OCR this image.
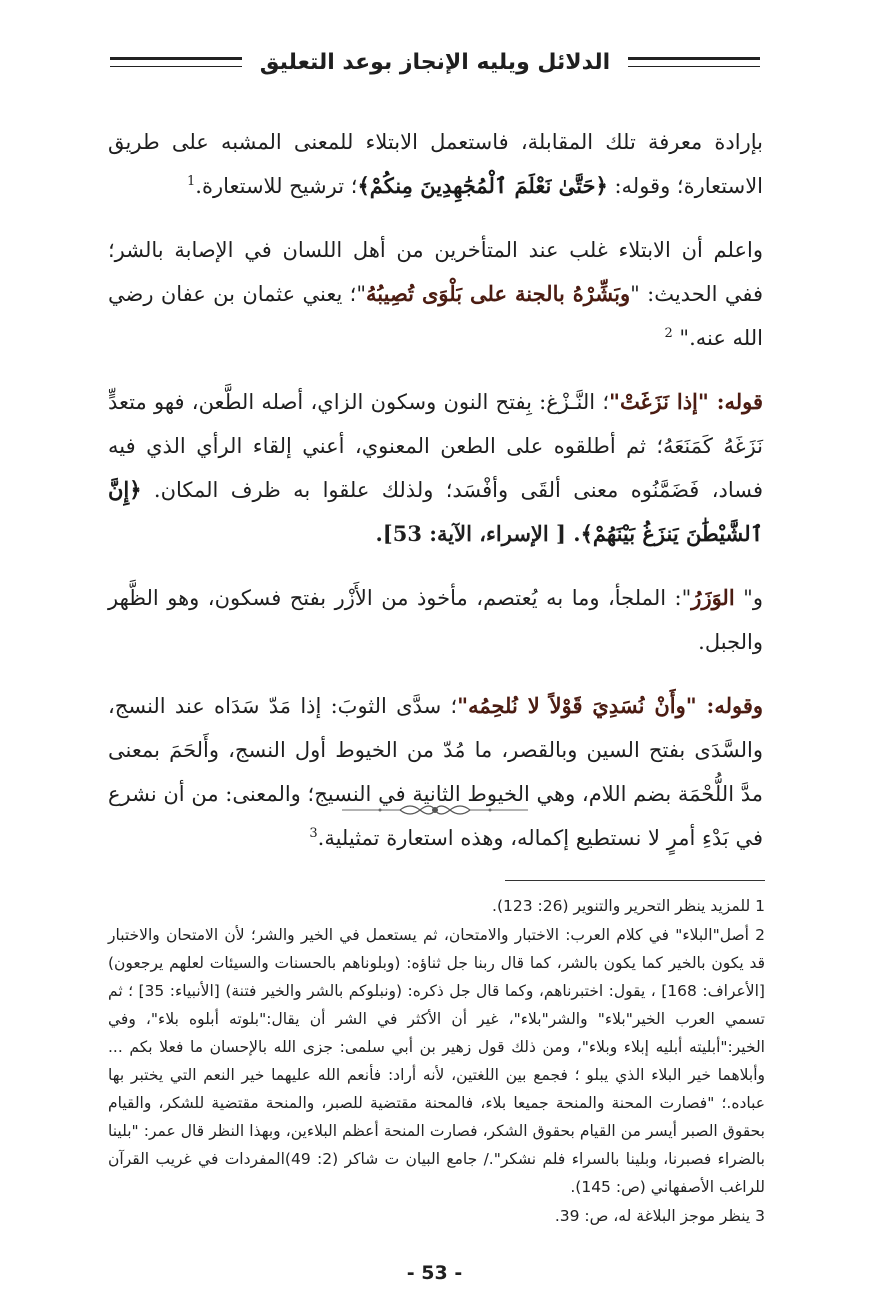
الدلائل ويليه الإنجاز بوعد التعليق

بإرادة معرفة تلك المقابلة، فاستعمل الابتلاء للمعنى المشبه على طريق الاستعارة؛ وقوله: ﴿حَتَّىٰ نَعْلَمَ ٱلْمُجَٰهِدِينَ مِنكُمْ﴾؛ ترشيح للاستعارة.$^1$

واعلم أن الابتلاء غلب عند المتأخرين من أهل اللسان في الإصابة بالشر؛ ففي الحديث: "وبَشِّرْهُ بالجنة على بَلْوَى تُصِيبُهُ"؛ يعني عثمان بن عفان رضي الله عنه." $^2$

قوله: "إذا نَزَغَتْ"؛ النَّـزْغ: بِفتح النون وسكون الزاي، أصله الطَّعن، فهو متعدٍّ نَزَغَهُ كَمَنَعَهُ؛ ثم أطلقوه على الطعن المعنوي، أعني إلقاء الرأي الذي فيه فساد، فَضَمَّنُوه معنى ألقَى وأفْسَد؛ ولذلك علقوا به ظرف المكان. ﴿إِنَّ ٱلشَّيْطَٰنَ يَنزَغُ بَيْنَهُمْ﴾. [ الإسراء، الآية: 53].

و" الوَزَرُ": الملجأ، وما به يُعتصم، مأخوذ من الأَزْر بفتح فسكون، وهو الظَّهر والجبل.

وقوله: "وأَنْ نُسَدِيَ قَوْلاً لا نُلحِمُه"؛ سدَّى الثوبَ: إذا مَدّ سَدَاه عند النسج، والسَّدَى بفتح السين وبالقصر، ما مُدّ من الخيوط أول النسج، وأَلحَمَ بمعنى مدَّ اللُّحْمَة بضم اللام، وهي الخيوط الثانية في النسيج؛ والمعنى: من أن نشرع في بَدْءِ أمرٍ لا نستطيع إكماله، وهذه استعارة تمثيلية.$^3$

1 للمزيد ينظر التحرير والتنوير (26: 123).

2 أصل"البلاء" في كلام العرب: الاختبار والامتحان، ثم يستعمل في الخير والشر؛ لأن الامتحان والاختبار قد يكون بالخير كما يكون بالشر، كما قال ربنا جل ثناؤه: (وبلوناهم بالحسنات والسيئات لعلهم يرجعون) [الأعراف: 168] ، يقول: اختبرناهم، وكما قال جل ذكره: (ونبلوكم بالشر والخير فتنة) [الأنبياء: 35] ؛ ثم تسمي العرب الخير"بلاء" والشر"بلاء"، غير أن الأكثر في الشر أن يقال:"بلوته أبلوه بلاء"، وفي الخير:"أبليته أبليه إبلاء وبلاء"، ومن ذلك قول زهير بن أبي سلمى: جزى الله بالإحسان ما فعلا بكم ... وأبلاهما خير البلاء الذي يبلو ؛ فجمع بين اللغتين، لأنه أراد: فأنعم الله عليهما خير النعم التي يختبر بها عباده.؛ "فصارت المحنة والمنحة جميعا بلاء، فالمحنة مقتضية للصبر، والمنحة مقتضية للشكر، والقيام بحقوق الصبر أيسر من القيام بحقوق الشكر، فصارت المنحة أعظم البلاءين، وبهذا النظر قال عمر: "بلينا بالضراء فصبرنا، وبلينا بالسراء فلم نشكر"./ جامع البيان ت شاكر (2: 49)المفردات في غريب القرآن للراغب الأصفهاني (ص: 145).

3 ينظر موجز البلاغة له، ص: 39.

- 53 -
